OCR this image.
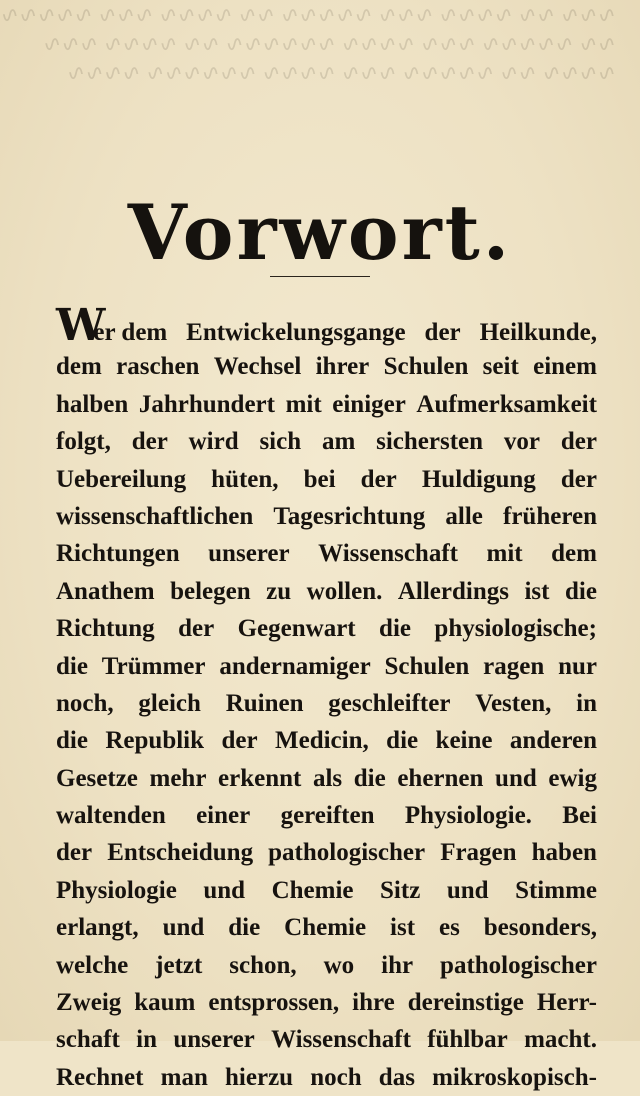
∿∿∿ ∿∿ ∿∿∿∿ ∿∿∿ ∿∿∿∿∿ ∿∿ ∿∿∿∿ ∿∿∿ ∿∿∿∿∿
∿∿ ∿∿∿∿∿ ∿∿∿ ∿∿∿∿ ∿∿∿∿∿∿ ∿∿ ∿∿∿∿ ∿∿∿
∿∿∿∿ ∿∿ ∿∿∿∿∿ ∿∿∿ ∿∿∿∿ ∿∿∿∿∿∿ ∿∿∿∿
Vorwort.
Wer dem Entwickelungsgange der Heilkunde,
dem raschen Wechsel ihrer Schulen seit einem
halben Jahrhundert mit einiger Aufmerksamkeit
folgt, der wird sich am sichersten vor der
Uebereilung hüten, bei der Huldigung der
wissenschaftlichen Tagesrichtung alle früheren
Richtungen unserer Wissenschaft mit dem
Anathem belegen zu wollen. Allerdings ist die
Richtung der Gegenwart die physiologische;
die Trümmer andernamiger Schulen ragen nur
noch, gleich Ruinen geschleifter Vesten, in
die Republik der Medicin, die keine anderen
Gesetze mehr erkennt als die ehernen und ewig
waltenden einer gereiften Physiologie. Bei
der Entscheidung pathologischer Fragen haben
Physiologie und Chemie Sitz und Stimme
erlangt, und die Chemie ist es besonders,
welche jetzt schon, wo ihr pathologischer
Zweig kaum entsprossen, ihre dereinstige Herr-
schaft in unserer Wissenschaft fühlbar macht.
Rechnet man hierzu noch das mikroskopisch-
